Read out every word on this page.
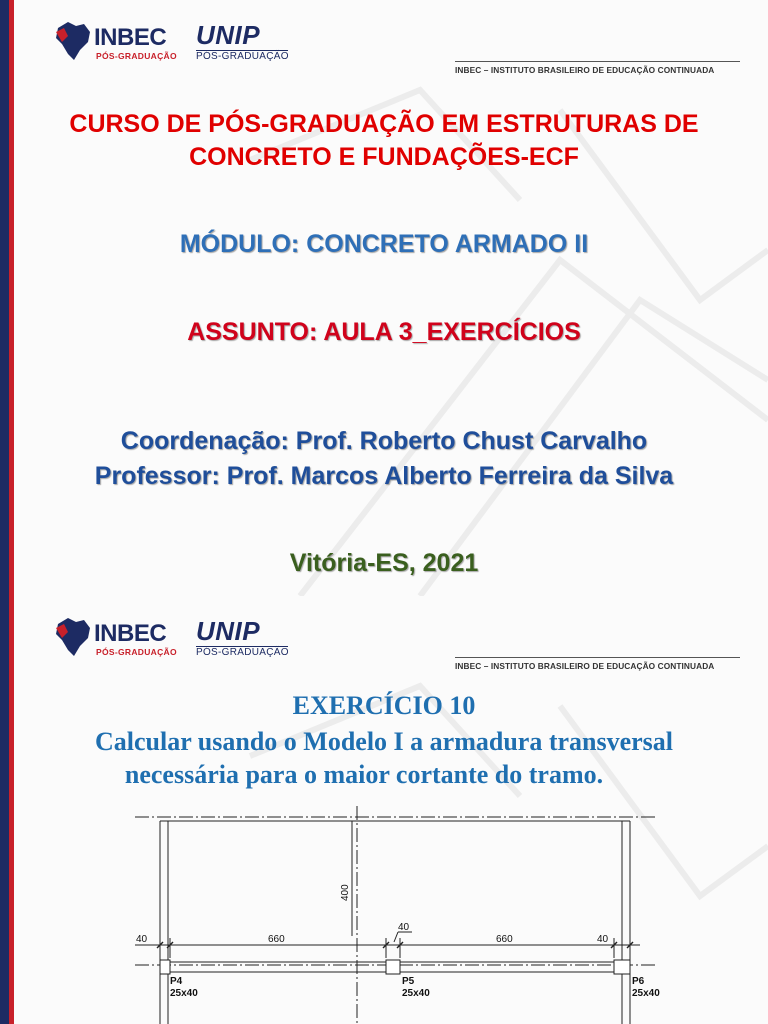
INBEC
PÓS-GRADUAÇÃO
UNIP
PÓS-GRADUAÇÃO
INBEC – INSTITUTO BRASILEIRO DE EDUCAÇÃO CONTINUADA
CURSO DE PÓS-GRADUAÇÃO EM ESTRUTURAS DE
CONCRETO E FUNDAÇÕES-ECF
MÓDULO: CONCRETO ARMADO II
ASSUNTO: AULA 3_EXERCÍCIOS
Coordenação: Prof. Roberto Chust Carvalho
Professor: Prof. Marcos Alberto Ferreira da Silva
Vitória-ES, 2021
INBEC
PÓS-GRADUAÇÃO
UNIP
PÓS-GRADUAÇÃO
INBEC – INSTITUTO BRASILEIRO DE EDUCAÇÃO CONTINUADA
EXERCÍCIO 10
Calcular usando o Modelo I a armadura transversal
necessária para o maior cortante do tramo.
40	660
40
660	40
400
P4
25x40
P5
25x40
P6
25x40
